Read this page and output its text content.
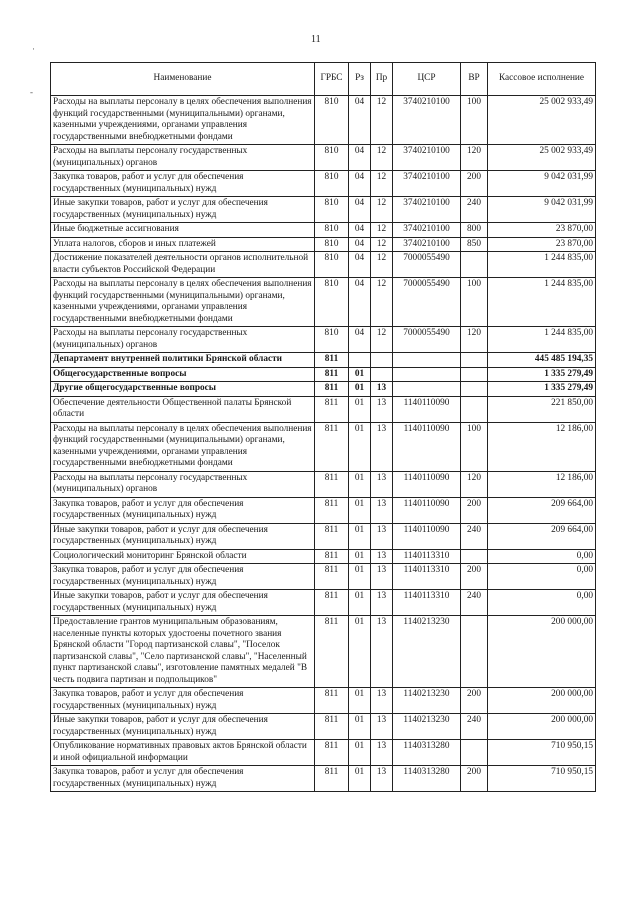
11
·
-
Наименование	ГРБС	Рз	Пр	ЦСР	ВР	Кассовое исполнение
Расходы на выплаты персоналу в целях обеспечения выполнения функций государственными (муниципальными) органами, казенными учреждениями, органами управления государственными внебюджетными фондами	810	04	12	3740210100	100	25 002 933,49
Расходы на выплаты персоналу государственных (муниципальных) органов	810	04	12	3740210100	120	25 002 933,49
Закупка товаров, работ и услуг для обеспечения государственных (муниципальных) нужд	810	04	12	3740210100	200	9 042 031,99
Иные закупки товаров, работ и услуг для обеспечения государственных (муниципальных) нужд	810	04	12	3740210100	240	9 042 031,99
Иные бюджетные ассигнования	810	04	12	3740210100	800	23 870,00
Уплата налогов, сборов и иных платежей	810	04	12	3740210100	850	23 870,00
Достижение показателей деятельности органов исполнительной власти субъектов Российской Федерации	810	04	12	7000055490		1 244 835,00
Расходы на выплаты персоналу в целях обеспечения выполнения функций государственными (муниципальными) органами, казенными учреждениями, органами управления государственными внебюджетными фондами	810	04	12	7000055490	100	1 244 835,00
Расходы на выплаты персоналу государственных (муниципальных) органов	810	04	12	7000055490	120	1 244 835,00
Департамент внутренней политики Брянской области	811					445 485 194,35
Общегосударственные вопросы	811	01				1 335 279,49
Другие общегосударственные вопросы	811	01	13			1 335 279,49
Обеспечение деятельности Общественной палаты Брянской области	811	01	13	1140110090		221 850,00
Расходы на выплаты персоналу в целях обеспечения выполнения функций государственными (муниципальными) органами, казенными учреждениями, органами управления государственными внебюджетными фондами	811	01	13	1140110090	100	12 186,00
Расходы на выплаты персоналу государственных (муниципальных) органов	811	01	13	1140110090	120	12 186,00
Закупка товаров, работ и услуг для обеспечения государственных (муниципальных) нужд	811	01	13	1140110090	200	209 664,00
Иные закупки товаров, работ и услуг для обеспечения государственных (муниципальных) нужд	811	01	13	1140110090	240	209 664,00
Социологический мониторинг Брянской области	811	01	13	1140113310		0,00
Закупка товаров, работ и услуг для обеспечения государственных (муниципальных) нужд	811	01	13	1140113310	200	0,00
Иные закупки товаров, работ и услуг для обеспечения государственных (муниципальных) нужд	811	01	13	1140113310	240	0,00
Предоставление грантов муниципальным образованиям, населенные пункты которых удостоены почетного звания Брянской области "Город партизанской славы", "Поселок партизанской славы", "Село партизанской славы", "Населенный пункт партизанской славы", изготовление памятных медалей "В честь подвига партизан и подпольщиков"	811	01	13	1140213230		200 000,00
Закупка товаров, работ и услуг для обеспечения государственных (муниципальных) нужд	811	01	13	1140213230	200	200 000,00
Иные закупки товаров, работ и услуг для обеспечения государственных (муниципальных) нужд	811	01	13	1140213230	240	200 000,00
Опубликование нормативных правовых актов Брянской области и иной официальной информации	811	01	13	1140313280		710 950,15
Закупка товаров, работ и услуг для обеспечения государственных (муниципальных) нужд	811	01	13	1140313280	200	710 950,15
